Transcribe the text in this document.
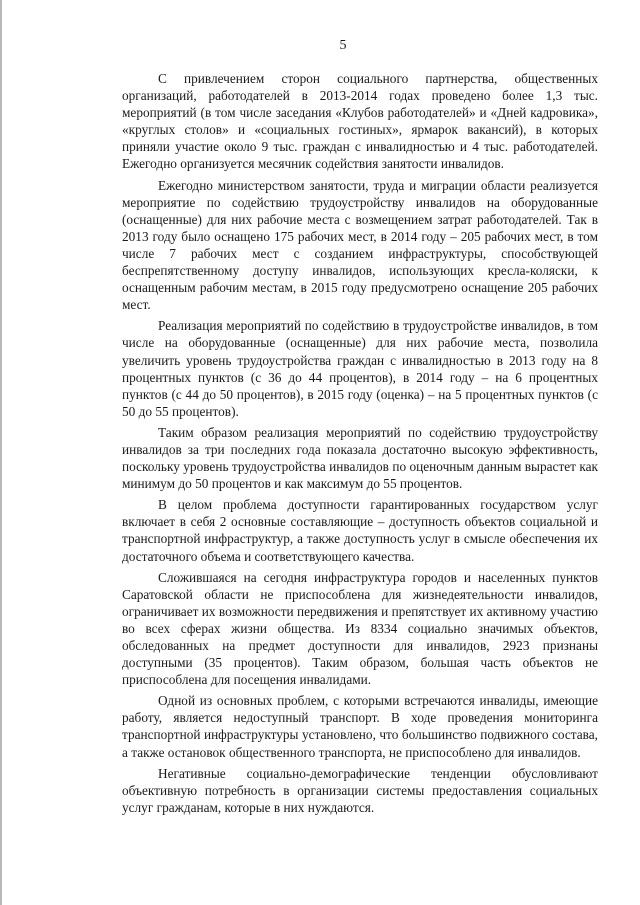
5

С привлечением сторон социального партнерства, общественных организаций, работодателей в 2013-2014 годах проведено более 1,3 тыс. мероприятий (в том числе заседания «Клубов работодателей» и «Дней кадровика», «круглых столов» и «социальных гостиных», ярмарок вакансий), в которых приняли участие около 9 тыс. граждан с инвалидностью и 4 тыс. работодателей. Ежегодно организуется месячник содействия занятости инвалидов.

Ежегодно министерством занятости, труда и миграции области реализуется мероприятие по содействию трудоустройству инвалидов на оборудованные (оснащенные) для них рабочие места с возмещением затрат работодателей. Так в 2013 году было оснащено 175 рабочих мест, в 2014 году – 205 рабочих мест, в том числе 7 рабочих мест с созданием инфраструктуры, способствующей беспрепятственному доступу инвалидов, использующих кресла-коляски, к оснащенным рабочим местам, в 2015 году предусмотрено оснащение 205 рабочих мест.

Реализация мероприятий по содействию в трудоустройстве инвалидов, в том числе на оборудованные (оснащенные) для них рабочие места, позволила увеличить уровень трудоустройства граждан с инвалидностью в 2013 году на 8 процентных пунктов (с 36 до 44 процентов), в 2014 году – на 6 процентных пунктов (с 44 до 50 процентов), в 2015 году (оценка) – на 5 процентных пунктов (с 50 до 55 процентов).

Таким образом реализация мероприятий по содействию трудоустройству инвалидов за три последних года показала достаточно высокую эффективность, поскольку уровень трудоустройства инвалидов по оценочным данным вырастет как минимум до 50 процентов и как максимум до 55 процентов.

В целом проблема доступности гарантированных государством услуг включает в себя 2 основные составляющие – доступность объектов социальной и транспортной инфраструктур, а также доступность услуг в смысле обеспечения их достаточного объема и соответствующего качества.

Сложившаяся на сегодня инфраструктура городов и населенных пунктов Саратовской области не приспособлена для жизнедеятельности инвалидов, ограничивает их возможности передвижения и препятствует их активному участию во всех сферах жизни общества. Из 8334 социально значимых объектов, обследованных на предмет доступности для инвалидов, 2923 признаны доступными (35 процентов). Таким образом, большая часть объектов не приспособлена для посещения инвалидами.

Одной из основных проблем, с которыми встречаются инвалиды, имеющие работу, является недоступный транспорт. В ходе проведения мониторинга транспортной инфраструктуры установлено, что большинство подвижного состава, а также остановок общественного транспорта, не приспособлено для инвалидов.

Негативные социально-демографические тенденции обусловливают объективную потребность в организации системы предоставления социальных услуг гражданам, которые в них нуждаются.
